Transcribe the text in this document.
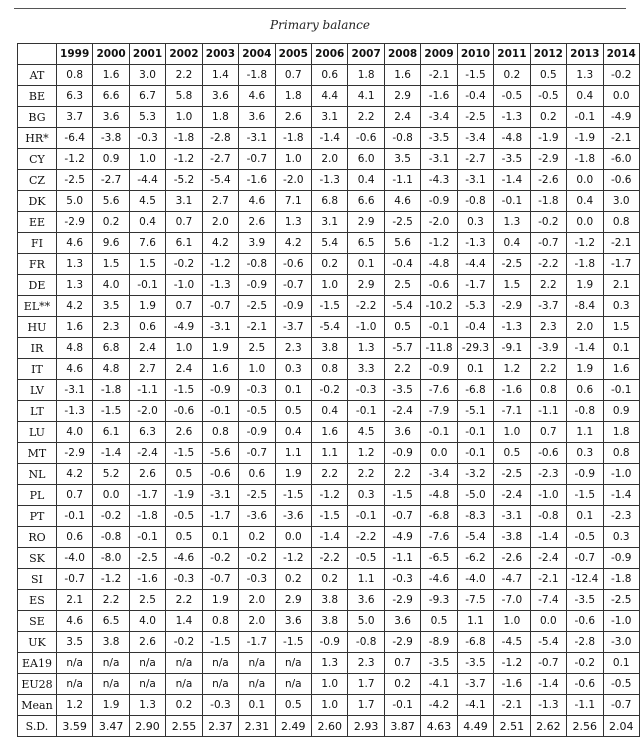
Primary balance
	1999	2000	2001	2002	2003	2004	2005	2006	2007	2008	2009	2010	2011	2012	2013	2014
AT	0.8	1.6	3.0	2.2	1.4	-1.8	0.7	0.6	1.8	1.6	-2.1	-1.5	0.2	0.5	1.3	-0.2
BE	6.3	6.6	6.7	5.8	3.6	4.6	1.8	4.4	4.1	2.9	-1.6	-0.4	-0.5	-0.5	0.4	0.0
BG	3.7	3.6	5.3	1.0	1.8	3.6	2.6	3.1	2.2	2.4	-3.4	-2.5	-1.3	0.2	-0.1	-4.9
HR*	-6.4	-3.8	-0.3	-1.8	-2.8	-3.1	-1.8	-1.4	-0.6	-0.8	-3.5	-3.4	-4.8	-1.9	-1.9	-2.1
CY	-1.2	0.9	1.0	-1.2	-2.7	-0.7	1.0	2.0	6.0	3.5	-3.1	-2.7	-3.5	-2.9	-1.8	-6.0
CZ	-2.5	-2.7	-4.4	-5.2	-5.4	-1.6	-2.0	-1.3	0.4	-1.1	-4.3	-3.1	-1.4	-2.6	0.0	-0.6
DK	5.0	5.6	4.5	3.1	2.7	4.6	7.1	6.8	6.6	4.6	-0.9	-0.8	-0.1	-1.8	0.4	3.0
EE	-2.9	0.2	0.4	0.7	2.0	2.6	1.3	3.1	2.9	-2.5	-2.0	0.3	1.3	-0.2	0.0	0.8
FI	4.6	9.6	7.6	6.1	4.2	3.9	4.2	5.4	6.5	5.6	-1.2	-1.3	0.4	-0.7	-1.2	-2.1
FR	1.3	1.5	1.5	-0.2	-1.2	-0.8	-0.6	0.2	0.1	-0.4	-4.8	-4.4	-2.5	-2.2	-1.8	-1.7
DE	1.3	4.0	-0.1	-1.0	-1.3	-0.9	-0.7	1.0	2.9	2.5	-0.6	-1.7	1.5	2.2	1.9	2.1
EL**	4.2	3.5	1.9	0.7	-0.7	-2.5	-0.9	-1.5	-2.2	-5.4	-10.2	-5.3	-2.9	-3.7	-8.4	0.3
HU	1.6	2.3	0.6	-4.9	-3.1	-2.1	-3.7	-5.4	-1.0	0.5	-0.1	-0.4	-1.3	2.3	2.0	1.5
IR	4.8	6.8	2.4	1.0	1.9	2.5	2.3	3.8	1.3	-5.7	-11.8	-29.3	-9.1	-3.9	-1.4	0.1
IT	4.6	4.8	2.7	2.4	1.6	1.0	0.3	0.8	3.3	2.2	-0.9	0.1	1.2	2.2	1.9	1.6
LV	-3.1	-1.8	-1.1	-1.5	-0.9	-0.3	0.1	-0.2	-0.3	-3.5	-7.6	-6.8	-1.6	0.8	0.6	-0.1
LT	-1.3	-1.5	-2.0	-0.6	-0.1	-0.5	0.5	0.4	-0.1	-2.4	-7.9	-5.1	-7.1	-1.1	-0.8	0.9
LU	4.0	6.1	6.3	2.6	0.8	-0.9	0.4	1.6	4.5	3.6	-0.1	-0.1	1.0	0.7	1.1	1.8
MT	-2.9	-1.4	-2.4	-1.5	-5.6	-0.7	1.1	1.1	1.2	-0.9	0.0	-0.1	0.5	-0.6	0.3	0.8
NL	4.2	5.2	2.6	0.5	-0.6	0.6	1.9	2.2	2.2	2.2	-3.4	-3.2	-2.5	-2.3	-0.9	-1.0
PL	0.7	0.0	-1.7	-1.9	-3.1	-2.5	-1.5	-1.2	0.3	-1.5	-4.8	-5.0	-2.4	-1.0	-1.5	-1.4
PT	-0.1	-0.2	-1.8	-0.5	-1.7	-3.6	-3.6	-1.5	-0.1	-0.7	-6.8	-8.3	-3.1	-0.8	0.1	-2.3
RO	0.6	-0.8	-0.1	0.5	0.1	0.2	0.0	-1.4	-2.2	-4.9	-7.6	-5.4	-3.8	-1.4	-0.5	0.3
SK	-4.0	-8.0	-2.5	-4.6	-0.2	-0.2	-1.2	-2.2	-0.5	-1.1	-6.5	-6.2	-2.6	-2.4	-0.7	-0.9
SI	-0.7	-1.2	-1.6	-0.3	-0.7	-0.3	0.2	0.2	1.1	-0.3	-4.6	-4.0	-4.7	-2.1	-12.4	-1.8
ES	2.1	2.2	2.5	2.2	1.9	2.0	2.9	3.8	3.6	-2.9	-9.3	-7.5	-7.0	-7.4	-3.5	-2.5
SE	4.6	6.5	4.0	1.4	0.8	2.0	3.6	3.8	5.0	3.6	0.5	1.1	1.0	0.0	-0.6	-1.0
UK	3.5	3.8	2.6	-0.2	-1.5	-1.7	-1.5	-0.9	-0.8	-2.9	-8.9	-6.8	-4.5	-5.4	-2.8	-3.0
EA19	n/a	n/a	n/a	n/a	n/a	n/a	n/a	1.3	2.3	0.7	-3.5	-3.5	-1.2	-0.7	-0.2	0.1
EU28	n/a	n/a	n/a	n/a	n/a	n/a	n/a	1.0	1.7	0.2	-4.1	-3.7	-1.6	-1.4	-0.6	-0.5
Mean	1.2	1.9	1.3	0.2	-0.3	0.1	0.5	1.0	1.7	-0.1	-4.2	-4.1	-2.1	-1.3	-1.1	-0.7
S.D.	3.59	3.47	2.90	2.55	2.37	2.31	2.49	2.60	2.93	3.87	4.63	4.49	2.51	2.62	2.56	2.04
